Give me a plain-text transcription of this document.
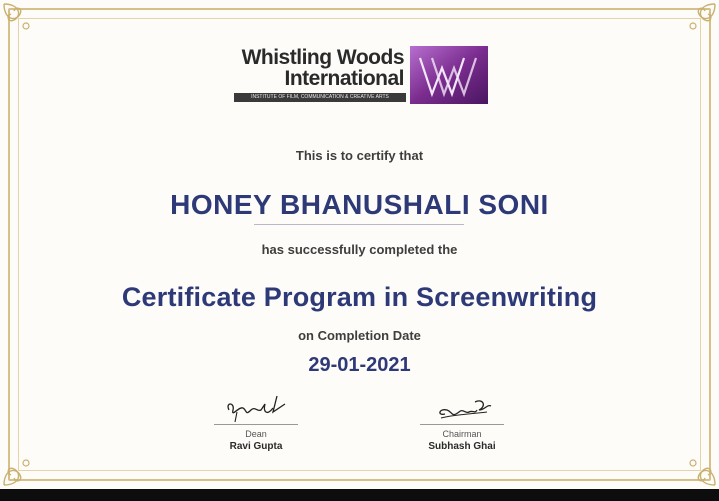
Whistling Woods
International
INSTITUTE OF FILM, COMMUNICATION & CREATIVE ARTS
This is to certify that
HONEY BHANUSHALI SONI
has successfully completed the
Certificate Program in Screenwriting
on Completion Date
29-01-2021
Dean
Ravi Gupta
Chairman
Subhash Ghai
